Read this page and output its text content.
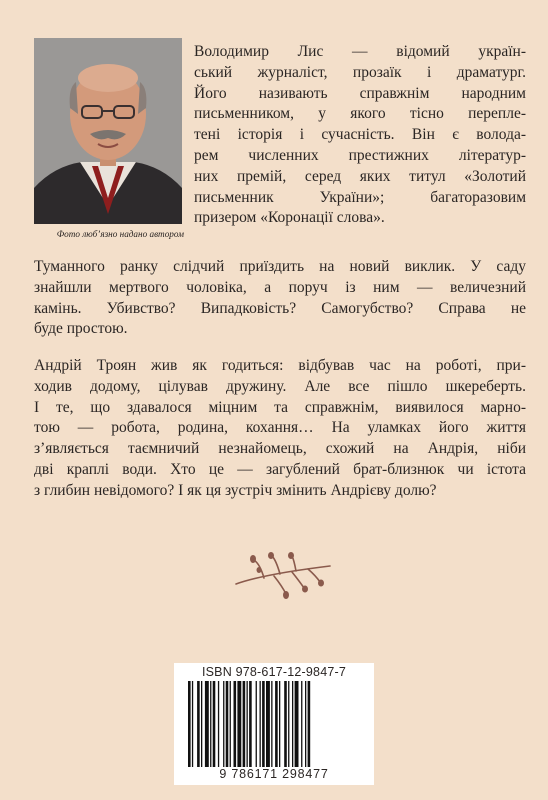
Фото люб’язно надано автором
Володимир Лис — відомий україн-
ський журналіст, прозаїк і драматург.
Його називають справжнім народним
письменником, у якого тісно перепле-
тені історія і сучасність. Він є волода-
рем численних престижних літератур-
них премій, серед яких титул «Золотий
письменник України»; багаторазовим
призером «Коронації слова».
Туманного ранку слідчий приїздить на новий виклик. У саду
знайшли мертвого чоловіка, а поруч із ним — величезний
камінь. Убивство? Випадковість? Самогубство? Справа не
буде простою.
Андрій Троян жив як годиться: відбував час на роботі, при-
ходив додому, цілував дружину. Але все пішло шкереберть.
І те, що здавалося міцним та справжнім, виявилося марно-
тою — робота, родина, кохання… На уламках його життя
з’являється таємничий незнайомець, схожий на Андрія, ніби
дві краплі води. Хто це — загублений брат-близнюк чи істота
з глибин невідомого? І як ця зустріч змінить Андрієву долю?
ISBN 978-617-12-9847-7
9 786171 298477
